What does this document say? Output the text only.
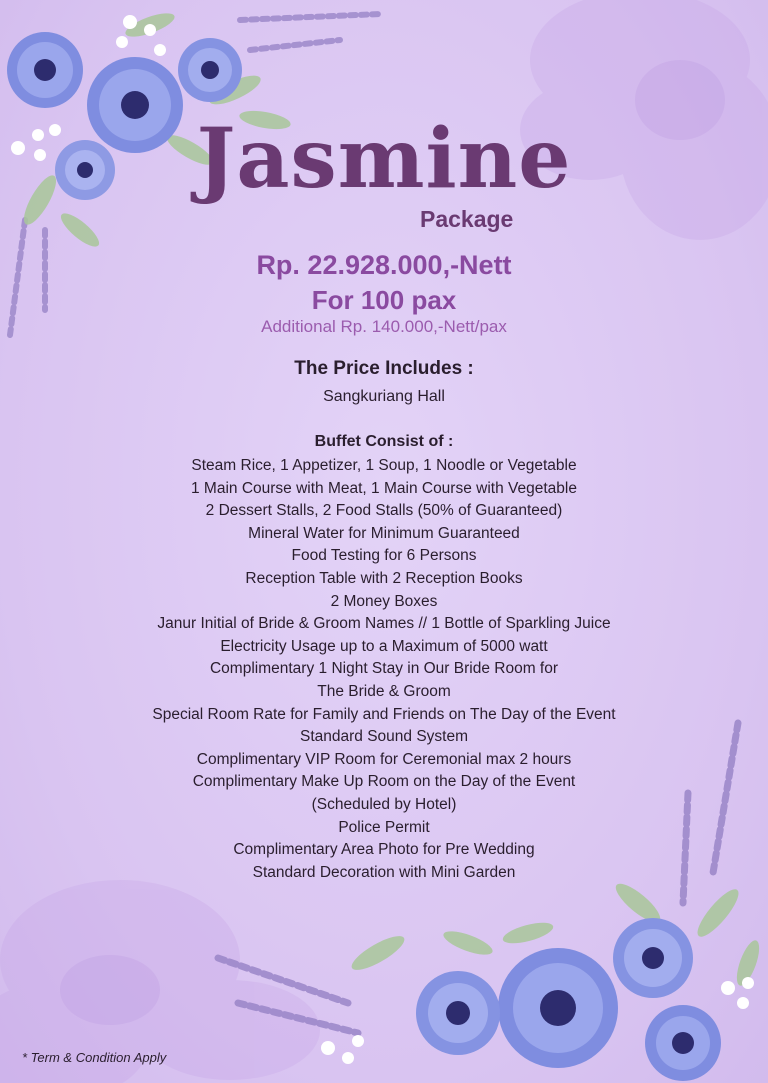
Jasmine
Package
Rp. 22.928.000,-Nett
For 100 pax
Additional Rp. 140.000,-Nett/pax
The Price Includes :
Sangkuriang Hall
Buffet Consist of :
Steam Rice, 1 Appetizer, 1 Soup, 1 Noodle or Vegetable
1 Main Course with Meat, 1 Main Course with Vegetable
2 Dessert Stalls, 2 Food Stalls (50% of Guaranteed)
Mineral Water for Minimum Guaranteed
Food Testing for 6 Persons
Reception Table with 2 Reception Books
2 Money Boxes
Janur Initial of Bride & Groom Names // 1 Bottle of Sparkling Juice
Electricity Usage up to a Maximum of 5000 watt
Complimentary 1 Night Stay in Our Bride Room for
The Bride & Groom
Special Room Rate for Family and Friends on The Day of the Event
Standard Sound System
Complimentary VIP Room for Ceremonial max 2 hours
Complimentary Make Up Room on the Day of the Event
(Scheduled by Hotel)
Police Permit
Complimentary Area Photo for Pre Wedding
Standard Decoration with Mini Garden
* Term & Condition Apply
